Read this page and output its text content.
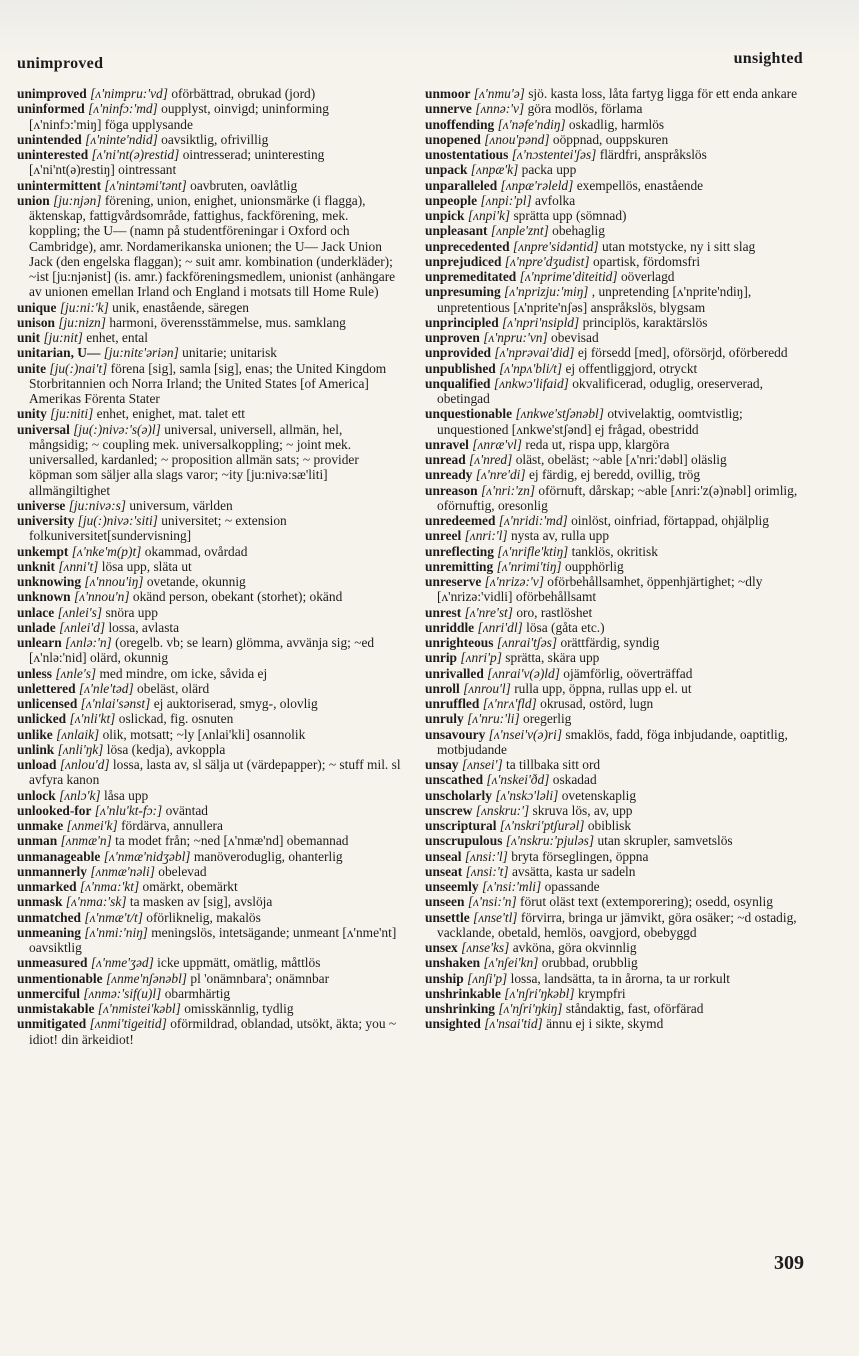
unimproved	unsighted

unimproved [ʌ'nimpru:'vd] oförbättrad, obrukad (jord)

uninformed [ʌ'ninfɔ:'md] oupplyst, oinvigd; uninforming [ʌ'ninfɔ:'miŋ] föga upplysande

unintended [ʌ'ninte'ndid] oavsiktlig, ofrivillig

uninterested [ʌ'ni'nt(ə)restid] ointresserad; uninteresting [ʌ'ni'nt(ə)restiŋ] ointressant

unintermittent [ʌ'nintəmi'tənt] oavbruten, oavlåtlig

union [ju:njən] förening, union, enighet, unionsmärke (i flagga), äktenskap, fattigvårdsområde, fattighus, fackförening, mek. koppling; the U— (namn på studentföreningar i Oxford och Cambridge), amr. Nordamerikanska unionen; the U— Jack Union Jack (den engelska flaggan); ~ suit amr. kombination (underkläder); ~ist [ju:njənist] (is. amr.) fackföreningsmedlem, unionist (anhängare av unionen emellan Irland och England i motsats till Home Rule)

unique [ju:ni:'k] unik, enastående, säregen

unison [ju:nizn] harmoni, överensstämmelse, mus. samklang

unit [ju:nit] enhet, ental

unitarian, U— [ju:nitɛ'əriən] unitarie; unitarisk

unite [ju(:)nai't] förena [sig], samla [sig], enas; the United Kingdom Storbritannien och Norra Irland; the United States [of America] Amerikas Förenta Stater

unity [ju:niti] enhet, enighet, mat. talet ett

universal [ju(:)nivə:'s(ə)l] universal, universell, allmän, hel, mångsidig; ~ coupling mek. universalkoppling; ~ joint mek. universalled, kardanled; ~ proposition allmän sats; ~ provider köpman som säljer alla slags varor; ~ity [ju:nivə:sæ'liti] allmängiltighet

universe [ju:nivə:s] universum, världen

university [ju(:)nivə:'siti] universitet; ~ extension folkuniversitet[sundervisning]

unkempt [ʌ'nke'm(p)t] okammad, ovårdad

unknit [ʌnni't] lösa upp, släta ut

unknowing [ʌ'nnou'iŋ] ovetande, okunnig

unknown [ʌ'nnou'n] okänd person, obekant (storhet); okänd

unlace [ʌnlei's] snöra upp

unlade [ʌnlei'd] lossa, avlasta

unlearn [ʌnlə:'n] (oregelb. vb; se learn) glömma, avvänja sig; ~ed [ʌ'nlə:'nid] olärd, okunnig

unless [ʌnle's] med mindre, om icke, såvida ej

unlettered [ʌ'nle'təd] obeläst, olärd

unlicensed [ʌ'nlai'sənst] ej auktoriserad, smyg-, olovlig

unlicked [ʌ'nli'kt] oslickad, fig. osnuten

unlike [ʌnlaik] olik, motsatt; ~ly [ʌnlai'kli] osannolik

unlink [ʌnli'ŋk] lösa (kedja), avkoppla

unload [ʌnlou'd] lossa, lasta av, sl sälja ut (värdepapper); ~ stuff mil. sl avfyra kanon

unlock [ʌnlɔ'k] låsa upp

unlooked-for [ʌ'nlu'kt-fɔ:] oväntad

unmake [ʌnmei'k] fördärva, annullera

unman [ʌnmæ'n] ta modet från; ~ned [ʌ'nmæ'nd] obemannad

unmanageable [ʌ'nmæ'nidʒəbl] manöveroduglig, ohanterlig

unmannerly [ʌnmæ'nəli] obelevad

unmarked [ʌ'nma:'kt] omärkt, obemärkt

unmask [ʌ'nma:'sk] ta masken av [sig], avslöja

unmatched [ʌ'nmæ't/t] oförliknelig, makalös

unmeaning [ʌ'nmi:'niŋ] meningslös, intetsägande; unmeant [ʌ'nme'nt] oavsiktlig

unmeasured [ʌ'nme'ʒəd] icke uppmätt, omätlig, måttlös

unmentionable [ʌnme'nʃənəbl] pl 'onämnbara'; onämnbar

unmerciful [ʌnmə:'sif(u)l] obarmhärtig

unmistakable [ʌ'nmistei'kəbl] omisskännlig, tydlig

unmitigated [ʌnmi'tigeitid] oförmildrad, oblandad, utsökt, äkta; you ~ idiot! din ärkeidiot!

unmoor [ʌ'nmu'ə] sjö. kasta loss, låta fartyg ligga för ett enda ankare

unnerve [ʌnnə:'v] göra modlös, förlama

unoffending [ʌ'nəfe'ndiŋ] oskadlig, harmlös

unopened [ʌnou'pənd] oöppnad, ouppskuren

unostentatious [ʌ'nɔstentei'ʃəs] flärdfri, anspråkslös

unpack [ʌnpæ'k] packa upp

unparalleled [ʌnpæ'rəleld] exempellös, enastående

unpeople [ʌnpi:'pl] avfolka

unpick [ʌnpi'k] sprätta upp (sömnad)

unpleasant [ʌnple'znt] obehaglig

unprecedented [ʌnpre'sidəntid] utan motstycke, ny i sitt slag

unprejudiced [ʌ'npre'dʒudist] opartisk, fördomsfri

unpremeditated [ʌ'nprime'diteitid] oöverlagd

unpresuming [ʌ'nprizju:'miŋ] , unpretending [ʌ'nprite'ndiŋ], unpretentious [ʌ'nprite'nʃəs] anspråkslös, blygsam

unprincipled [ʌ'npri'nsipld] principlös, karaktärslös

unproven [ʌ'npru:'vn] obevisad

unprovided [ʌ'nprəvai'did] ej försedd [med], oförsörjd, oförberedd

unpublished [ʌ'npʌ'bli/t] ej offentliggjord, otryckt

unqualified [ʌnkwɔ'lifaid] okvalificerad, oduglig, oreserverad, obetingad

unquestionable [ʌnkwe'stʃənəbl] otvivelaktig, oomtvistlig; unquestioned [ʌnkwe'stʃənd] ej frågad, obestridd

unravel [ʌnræ'vl] reda ut, rispa upp, klargöra

unread [ʌ'nred] oläst, obeläst; ~able [ʌ'nri:'dəbl] oläslig

unready [ʌ'nre'di] ej färdig, ej beredd, ovillig, trög

unreason [ʌ'nri:'zn] oförnuft, dårskap; ~able [ʌnri:'z(ə)nəbl] orimlig, oförnuftig, oresonlig

unredeemed [ʌ'nridi:'md] oinlöst, oinfriad, förtappad, ohjälplig

unreel [ʌnri:'l] nysta av, rulla upp

unreflecting [ʌ'nrifle'ktiŋ] tanklös, okritisk

unremitting [ʌ'nrimi'tiŋ] oupphörlig

unreserve [ʌ'nrizə:'v] oförbehållsamhet, öppenhjärtighet; ~dly [ʌ'nrizə:'vidli] oförbehållsamt

unrest [ʌ'nre'st] oro, rastlöshet

unriddle [ʌnri'dl] lösa (gåta etc.)

unrighteous [ʌnrai'tʃəs] orättfärdig, syndig

unrip [ʌnri'p] sprätta, skära upp

unrivalled [ʌnrai'v(ə)ld] ojämförlig, oöverträffad

unroll [ʌnrou'l] rulla upp, öppna, rullas upp el. ut

unruffled [ʌ'nrʌ'fld] okrusad, ostörd, lugn

unruly [ʌ'nru:'li] oregerlig

unsavoury [ʌ'nsei'v(ə)ri] smaklös, fadd, föga inbjudande, oaptitlig, motbjudande

unsay [ʌnsei'] ta tillbaka sitt ord

unscathed [ʌ'nskei'ðd] oskadad

unscholarly [ʌ'nskɔ'ləli] ovetenskaplig

unscrew [ʌnskru:'] skruva lös, av, upp

unscriptural [ʌ'nskri'ptʃurəl] obiblisk

unscrupulous [ʌ'nskru:'pjuləs] utan skrupler, samvetslös

unseal [ʌnsi:'l] bryta förseglingen, öppna

unseat [ʌnsi:'t] avsätta, kasta ur sadeln

unseemly [ʌ'nsi:'mli] opassande

unseen [ʌ'nsi:'n] förut oläst text (extemporering); osedd, osynlig

unsettle [ʌnse'tl] förvirra, bringa ur jämvikt, göra osäker; ~d ostadig, vacklande, obetald, hemlös, oavgjord, obebyggd

unsex [ʌnse'ks] avköna, göra okvinnlig

unshaken [ʌ'nʃei'kn] orubbad, orubblig

unship [ʌnʃi'p] lossa, landsätta, ta in årorna, ta ur rorkult

unshrinkable [ʌ'nʃri'ŋkəbl] krympfri

unshrinking [ʌ'nʃri'ŋkiŋ] ståndaktig, fast, oförfärad

unsighted [ʌ'nsai'tid] ännu ej i sikte, skymd

309
